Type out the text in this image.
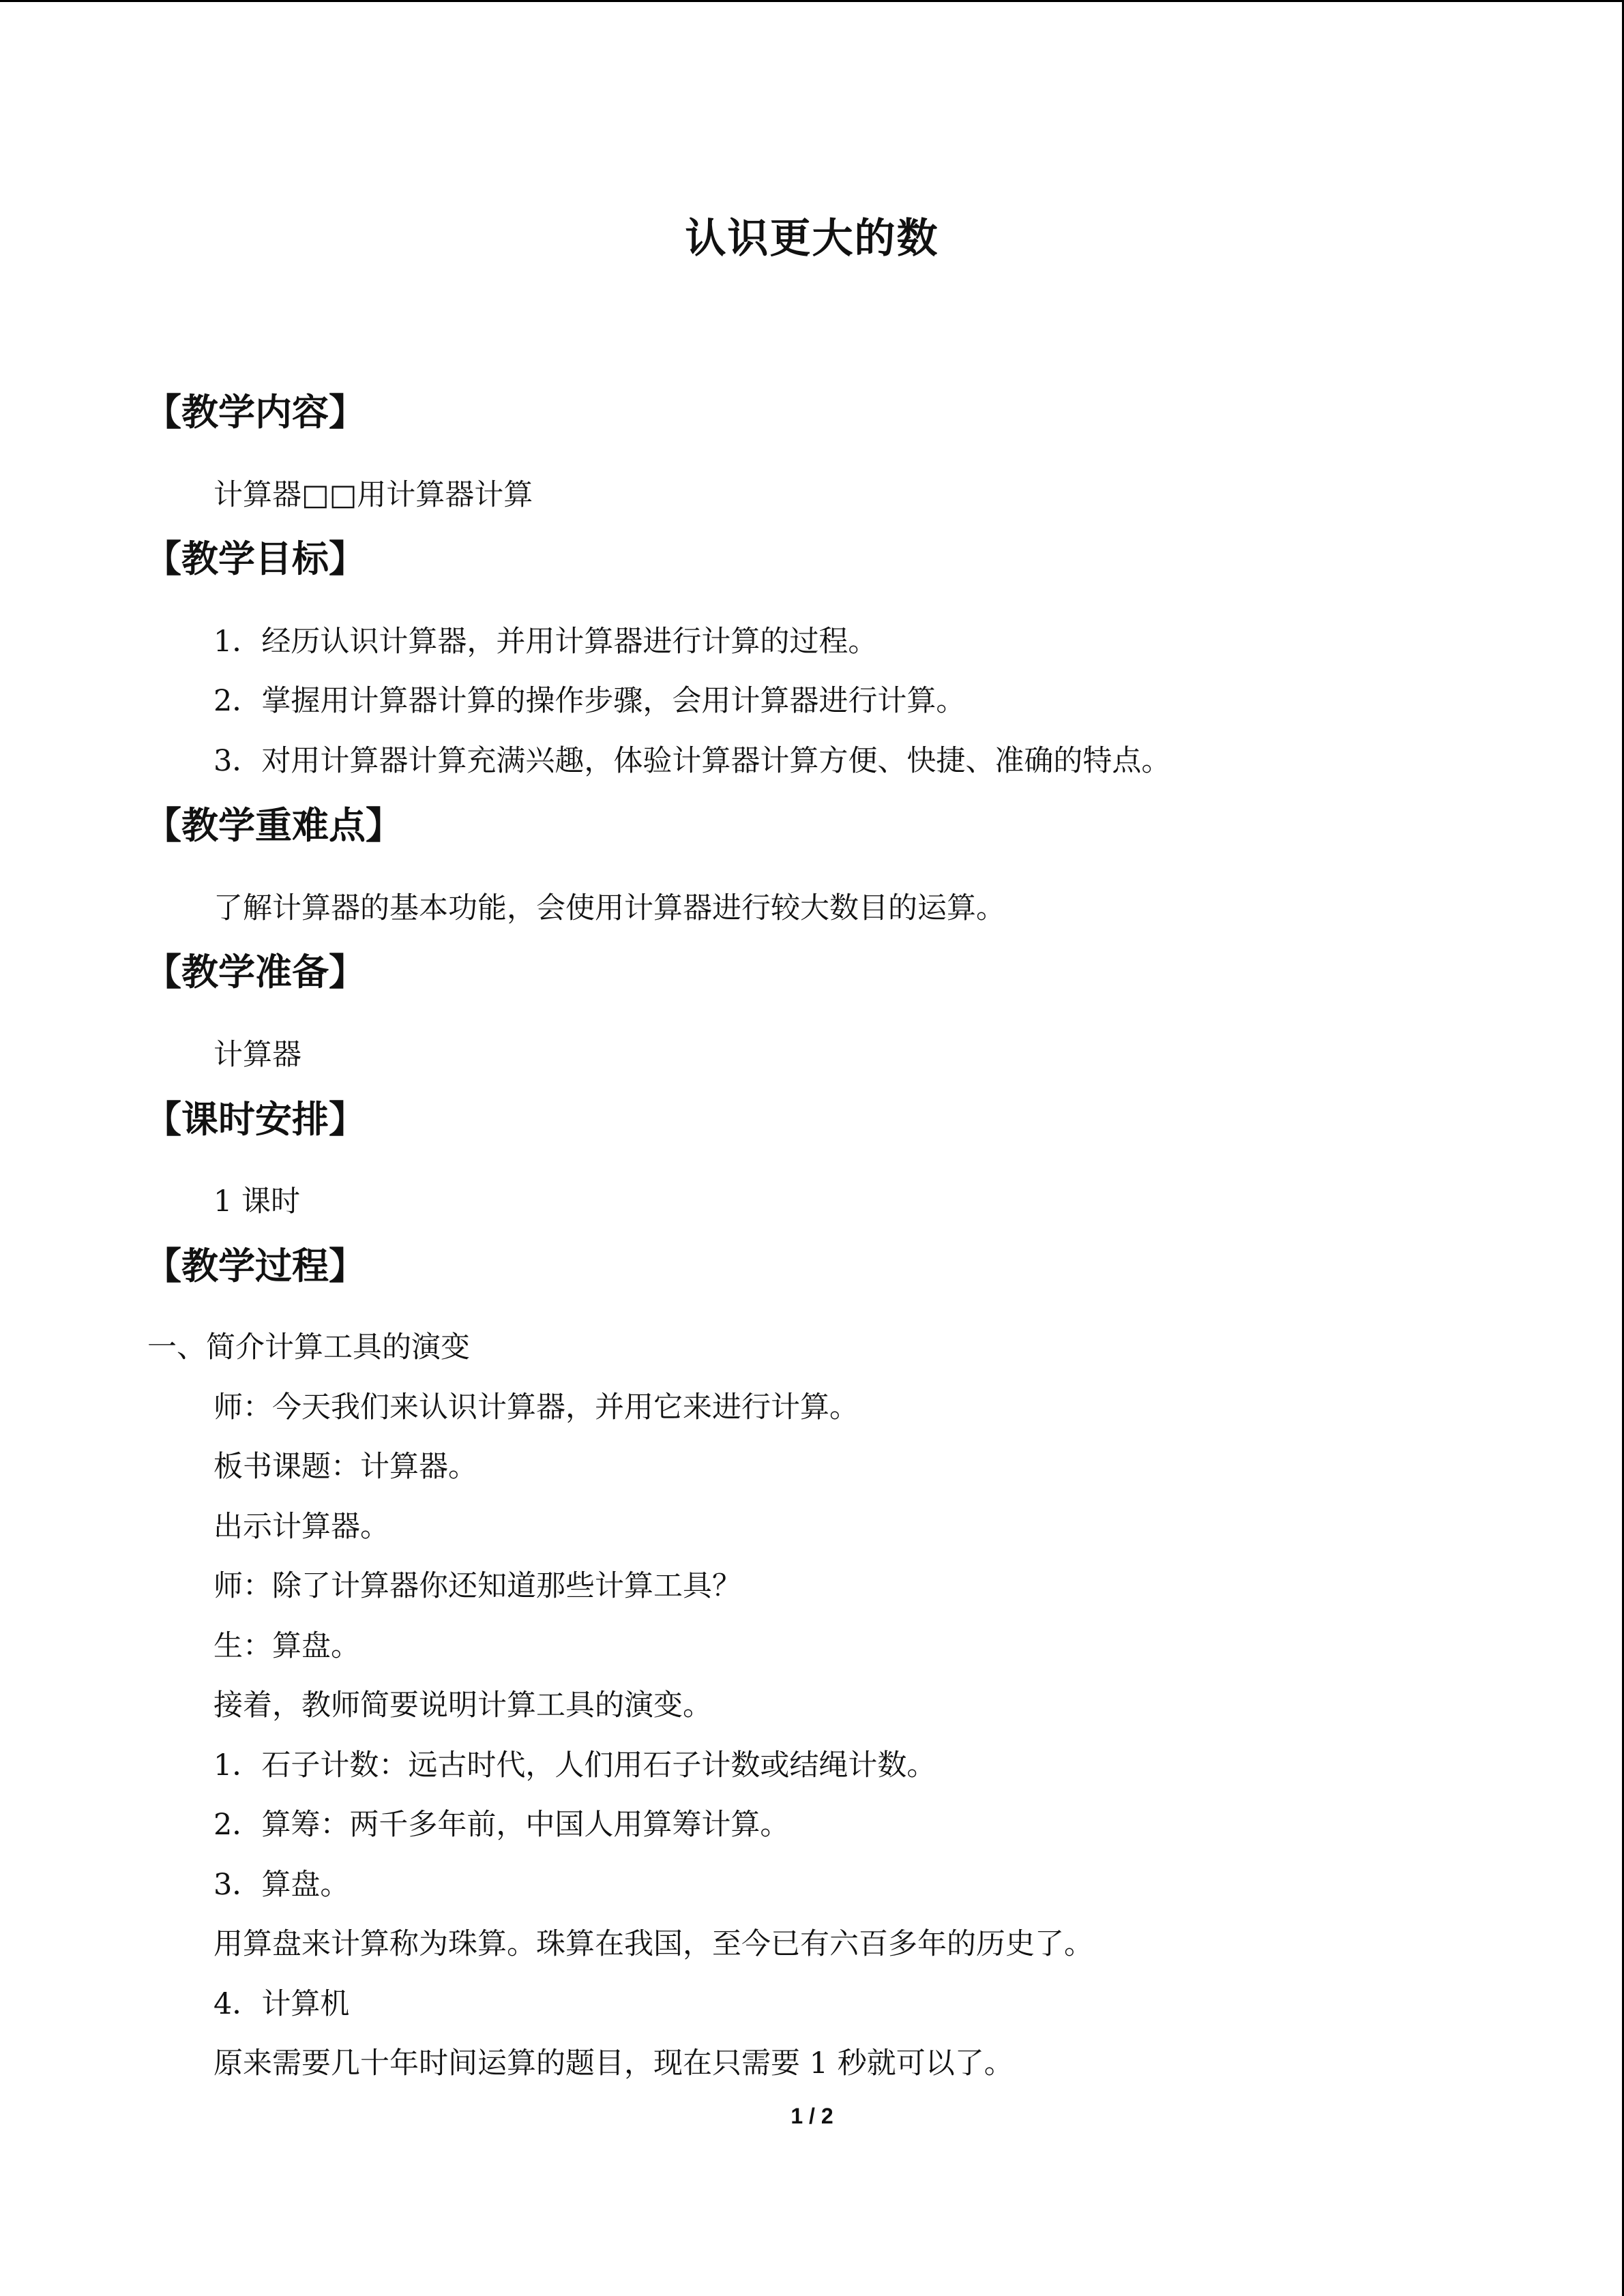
认识更大的数
【教学内容】
计算器□□用计算器计算
【教学目标】
1．经历认识计算器，并用计算器进行计算的过程。
2．掌握用计算器计算的操作步骤，会用计算器进行计算。
3．对用计算器计算充满兴趣，体验计算器计算方便、快捷、准确的特点。
【教学重难点】
了解计算器的基本功能，会使用计算器进行较大数目的运算。
【教学准备】
计算器
【课时安排】
1 课时
【教学过程】
一、简介计算工具的演变
师：今天我们来认识计算器，并用它来进行计算。
板书课题：计算器。
出示计算器。
师：除了计算器你还知道那些计算工具？
生：算盘。
接着，教师简要说明计算工具的演变。
1．石子计数：远古时代，人们用石子计数或结绳计数。
2．算筹：两千多年前，中国人用算筹计算。
3．算盘。
用算盘来计算称为珠算。珠算在我国，至今已有六百多年的历史了。
4．计算机
原来需要几十年时间运算的题目，现在只需要 1 秒就可以了。
1 / 2
